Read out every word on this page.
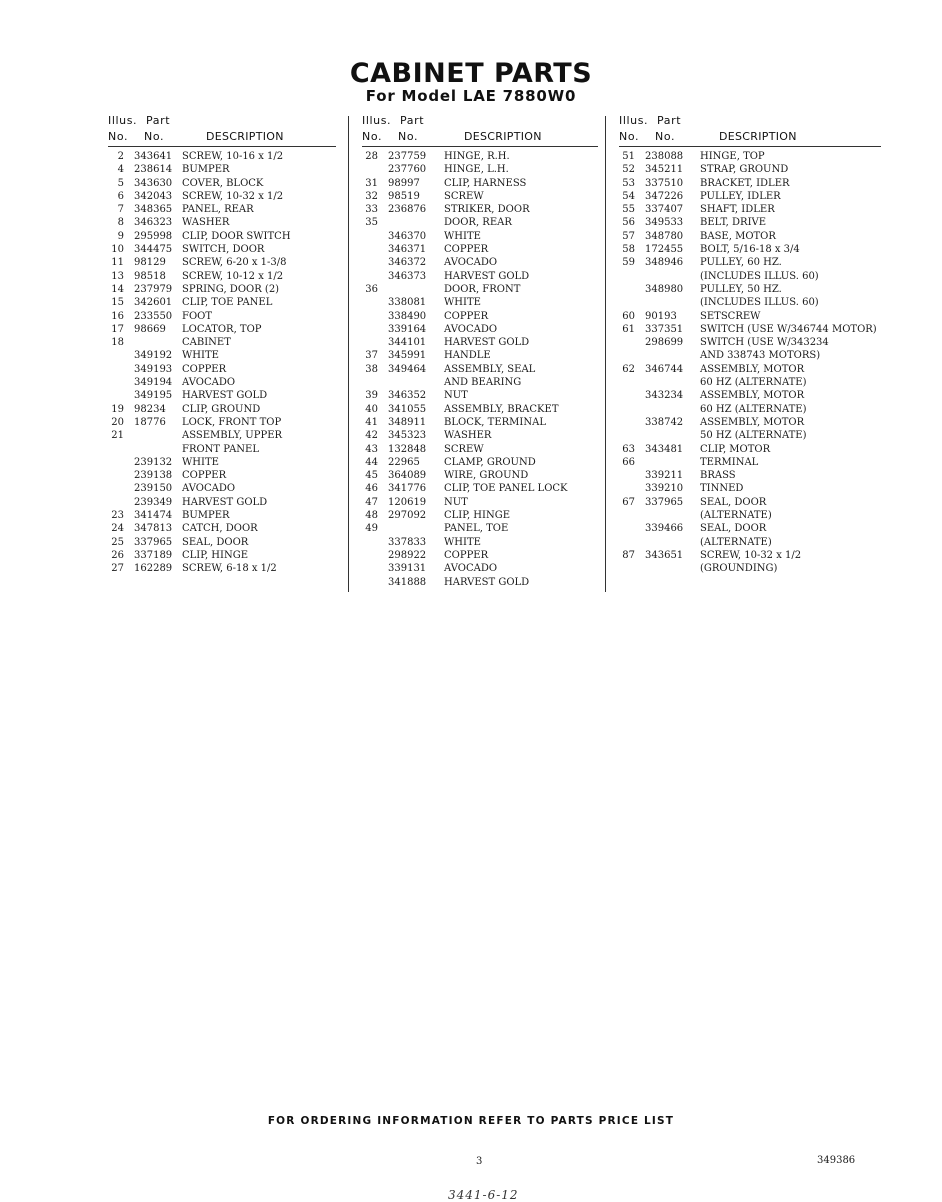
CABINET PARTS
For Model LAE 7880W0
Illus. Part
No. No.	DESCRIPTION
2 343641 SCREW, 10-16 x 1/2
4 238614 BUMPER
5 343630 COVER, BLOCK
6 342043 SCREW, 10-32 x 1/2
7 348365 PANEL, REAR
8 346323 WASHER
9 295998 CLIP, DOOR SWITCH
10 344475 SWITCH, DOOR
11 98129 SCREW, 6-20 x 1-3/8
13 98518 SCREW, 10-12 x 1/2
14 237979 SPRING, DOOR (2)
15 342601 CLIP, TOE PANEL
16 233550 FOOT
17 98669 LOCATOR, TOP
18	CABINET
349192 WHITE
349193 COPPER
349194 AVOCADO
349195 HARVEST GOLD
19 98234 CLIP, GROUND
20 18776 LOCK, FRONT TOP
21	ASSEMBLY, UPPER
FRONT PANEL
239132 WHITE
239138 COPPER
239150 AVOCADO
239349 HARVEST GOLD
23 341474 BUMPER
24 347813 CATCH, DOOR
25 337965 SEAL, DOOR
26 337189 CLIP, HINGE
27 162289 SCREW, 6-18 x 1/2
Illus. Part
No. No.	DESCRIPTION
28 237759 HINGE, R.H.
237760 HINGE, L.H.
31 98997 CLIP, HARNESS
32 98519 SCREW
33 236876 STRIKER, DOOR
35	DOOR, REAR
346370 WHITE
346371 COPPER
346372 AVOCADO
346373 HARVEST GOLD
36	DOOR, FRONT
338081 WHITE
338490 COPPER
339164 AVOCADO
344101 HARVEST GOLD
37 345991 HANDLE
38 349464 ASSEMBLY, SEAL
AND BEARING
39 346352 NUT
40 341055 ASSEMBLY, BRACKET
41 348911 BLOCK, TERMINAL
42 345323 WASHER
43 132848 SCREW
44 22965 CLAMP, GROUND
45 364089 WIRE, GROUND
46 341776 CLIP, TOE PANEL LOCK
47 120619 NUT
48 297092 CLIP, HINGE
49	PANEL, TOE
337833 WHITE
298922 COPPER
339131 AVOCADO
341888 HARVEST GOLD
Illus. Part
No. No.	DESCRIPTION
51 238088 HINGE, TOP
52 345211 STRAP, GROUND
53 337510 BRACKET, IDLER
54 347226 PULLEY, IDLER
55 337407 SHAFT, IDLER
56 349533 BELT, DRIVE
57 348780 BASE, MOTOR
58 172455 BOLT, 5/16-18 x 3/4
59 348946 PULLEY, 60 HZ.
(INCLUDES ILLUS. 60)
348980 PULLEY, 50 HZ.
(INCLUDES ILLUS. 60)
60 90193 SETSCREW
61 337351 SWITCH (USE W/346744 MOTOR)
298699 SWITCH (USE W/343234
AND 338743 MOTORS)
62 346744 ASSEMBLY, MOTOR
60 HZ (ALTERNATE)
343234 ASSEMBLY, MOTOR
60 HZ (ALTERNATE)
338742 ASSEMBLY, MOTOR
50 HZ (ALTERNATE)
63 343481 CLIP, MOTOR
66	TERMINAL
339211 BRASS
339210 TINNED
67 337965 SEAL, DOOR
(ALTERNATE)
339466 SEAL, DOOR
(ALTERNATE)
87 343651 SCREW, 10-32 x 1/2
(GROUNDING)
FOR ORDERING INFORMATION REFER TO PARTS PRICE LIST
3	349386
3441-6-12
